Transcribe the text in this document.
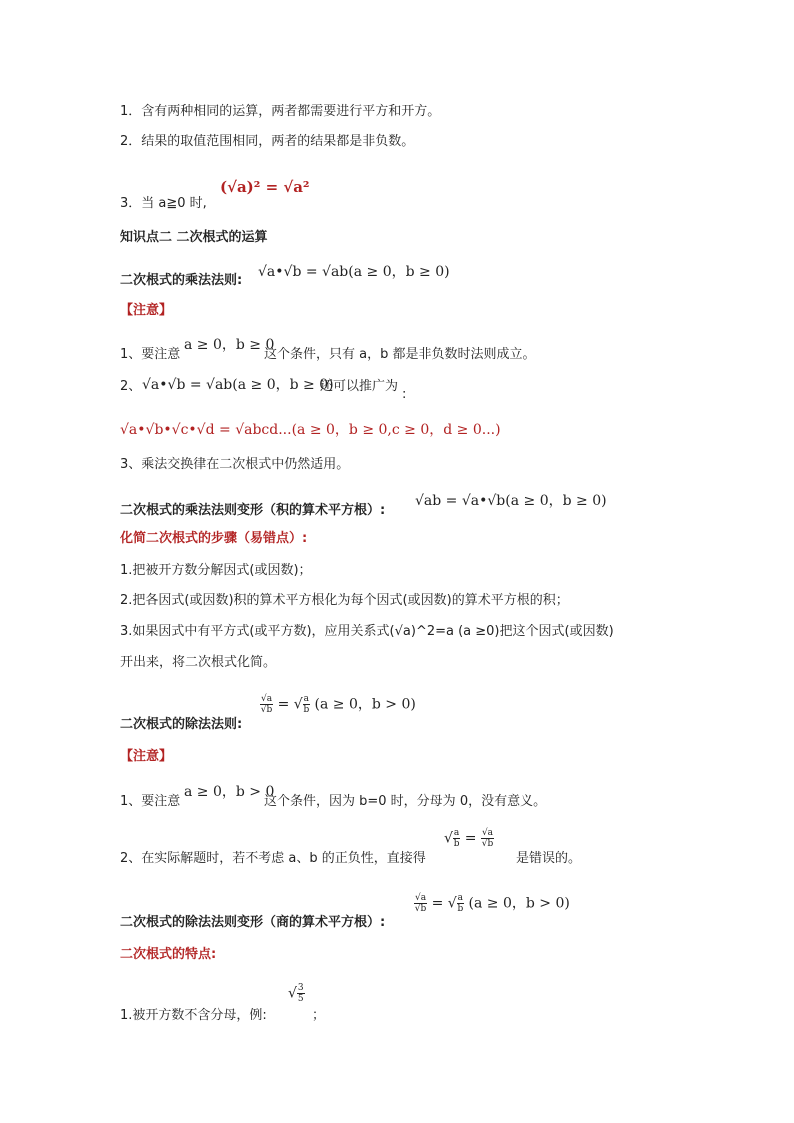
1．含有两种相同的运算，两者都需要进行平方和开方。
2．结果的取值范围相同，两者的结果都是非负数。
3．当 a≧0 时,
(√a)² = √a²
知识点二 二次根式的运算
二次根式的乘法法则:
√a•√b = √ab(a ≥ 0，b ≥ 0)
【注意】
1、要注意
a ≥ 0，b ≥ 0
这个条件，只有 a，b 都是非负数时法则成立。
2、 √a•√b = √ab(a ≥ 0，b ≥ 0)
还可以推广为
:
√a•√b•√c•√d = √abcd...(a ≥ 0，b ≥ 0,c ≥ 0，d ≥ 0...)
3、乘法交换律在二次根式中仍然适用。
二次根式的乘法法则变形（积的算术平方根）:
√ab = √a•√b(a ≥ 0，b ≥ 0)
化简二次根式的步骤（易错点）:
1.把被开方数分解因式(或因数)；
2.把各因式(或因数)积的算术平方根化为每个因式(或因数)的算术平方根的积；
3.如果因式中有平方式(或平方数)，应用关系式(√a)^2=a (a ≥0)把这个因式(或因数)
开出来，将二次根式化简。
二次根式的除法法则:
$\frac{√a}{√b}$ = √ $\frac{a}{b} (a \ge 0$，b > 0)
【注意】
1、要注意
a ≥ 0，b > 0
这个条件，因为 b=0 时，分母为 0，没有意义。
2、在实际解题时，若不考虑 a、b 的正负性，直接得
√ $\frac{a}{b} = \frac{√a}{√b}$
是错误的。
二次根式的除法法则变形（商的算术平方根）:
$\frac{√a}{√b}$ = √ $\frac{a}{b} (a \ge 0$，b > 0)
二次根式的特点:
1.被开方数不含分母，例:
√ $\frac{3}{5}$
；
